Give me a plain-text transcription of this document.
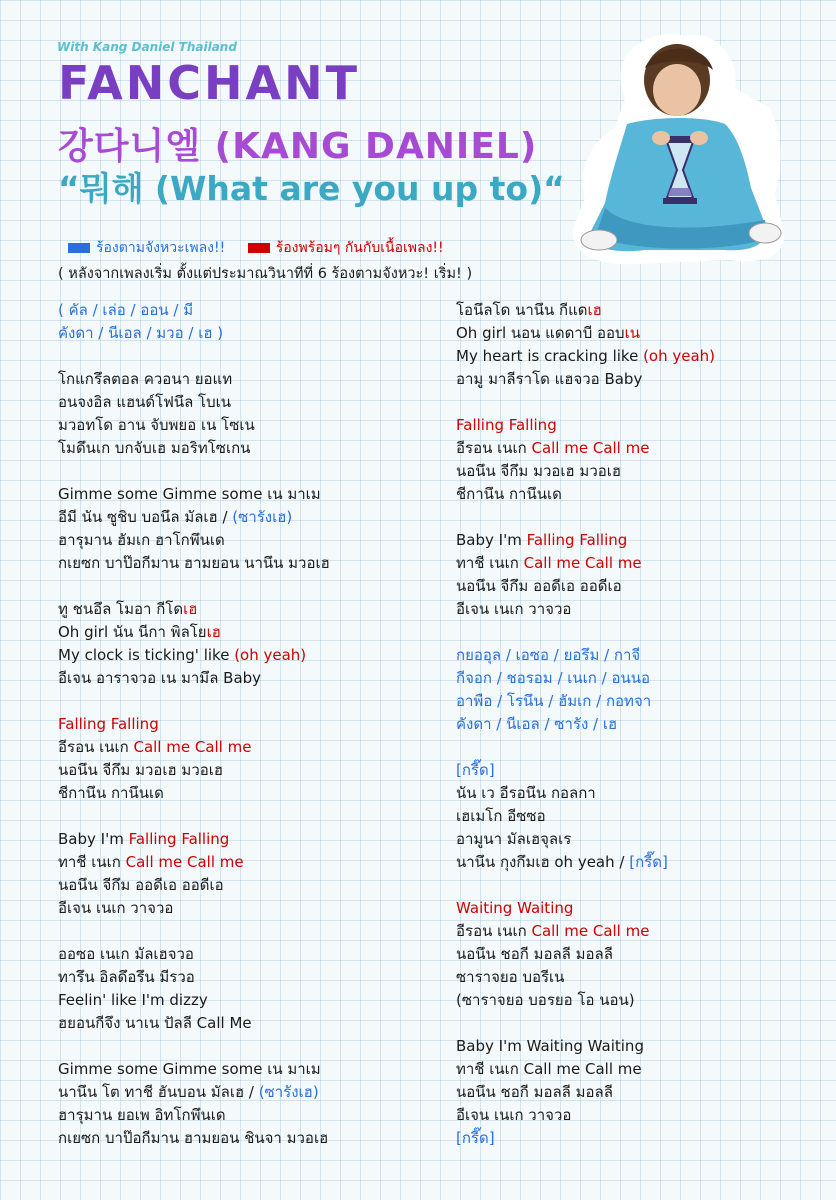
With Kang Daniel Thailand
FANCHANT
강다니엘 (KANG DANIEL)
“뭐해 (What are you up to)“
ร้องตามจังหวะเพลง!!	ร้องพร้อมๆ กันกับเนื้อเพลง!!
( หลังจากเพลงเริ่ม ตั้งแต่ประมาณวินาทีที่ 6 ร้องตามจังหวะ! เริ่ม! )
( คัล / เล่อ / ออน / มี
คังดา / นีเอล / มวอ / เฮ )
โกแกรึลตอล ควอนา ยอแท
อนจงอิล แฮนด์โฟนึล โบเน
มวอทโด อาน จับพยอ เน โซเน
โมดึนเก บกจับเฮ มอริทโซเกน
Gimme some Gimme some เน มาเม
อีมี นัน ซูชิบ บอนึล มัลเฮ / (ซารังเฮ)
ฮารุมาน ฮัมเก ฮาโกพึนเด
กเยซก บาป๊อกีมาน ฮามยอน นานึน มวอเฮ
ทู ชนอึล โมอา กีโดเฮ
Oh girl นัน นีกา พิลโยเฮ
My clock is ticking' like (oh yeah)
อีเจน อาราจวอ เน มามึล Baby
Falling Falling
อีรอน เนเก Call me Call me
นอนึน จีกึม มวอเฮ มวอเฮ
ชีกานึน กานึนเด
Baby I'm Falling Falling
ทาชี เนเก Call me Call me
นอนึน จีกึม ออดีเอ ออดีเอ
อีเจน เนเก วาจวอ
ออซอ เนเก มัลเฮจวอ
ทารึน อิลดึอรึน มีรวอ
Feelin' like I'm dizzy
ฮยอนกีจึง นาเน ปัลลี Call Me
Gimme some Gimme some เน มาเม
นานึน โต ทาชี ฮันบอน มัลเฮ / (ซารังเฮ)
ฮารุมาน ยอเพ อิทโกพึนเด
กเยซก บาป๊อกีมาน ฮามยอน ชินจา มวอเฮ
โอนึลโด นานึน กีแดเฮ
Oh girl นอน แดดาบี ออบเน
My heart is cracking like (oh yeah)
อามู มาลีราโด แฮจวอ Baby
Falling Falling
อีรอน เนเก Call me Call me
นอนึน จีกึม มวอเฮ มวอเฮ
ชีกานึน กานึนเด
Baby I'm Falling Falling
ทาชี เนเก Call me Call me
นอนึน จีกึม ออดีเอ ออดีเอ
อีเจน เนเก วาจวอ
กยออุล / เอซอ / ยอรึม / กาจี
กีจอก / ชอรอม / เนเก / อนนอ
อาพือ / โรนึน / ฮัมเก / กอทจา
คังดา / นีเอล / ซารัง / เฮ
[กรี๊ด]
นัน เว อีรอนึน กอลกา
เฮเมโก อีซซอ
อามูนา มัลเฮจุลเร
นานึน กุงกึมเฮ oh yeah / [กรี๊ด]
Waiting Waiting
อีรอน เนเก Call me Call me
นอนึน ชอกี มอลลี มอลลี
ซาราจยอ บอรีเน
(ซาราจยอ บอรยอ โอ นอน)
Baby I'm Waiting Waiting
ทาชี เนเก Call me Call me
นอนึน ชอกี มอลลี มอลลี
อีเจน เนเก วาจวอ
[กรี๊ด]
